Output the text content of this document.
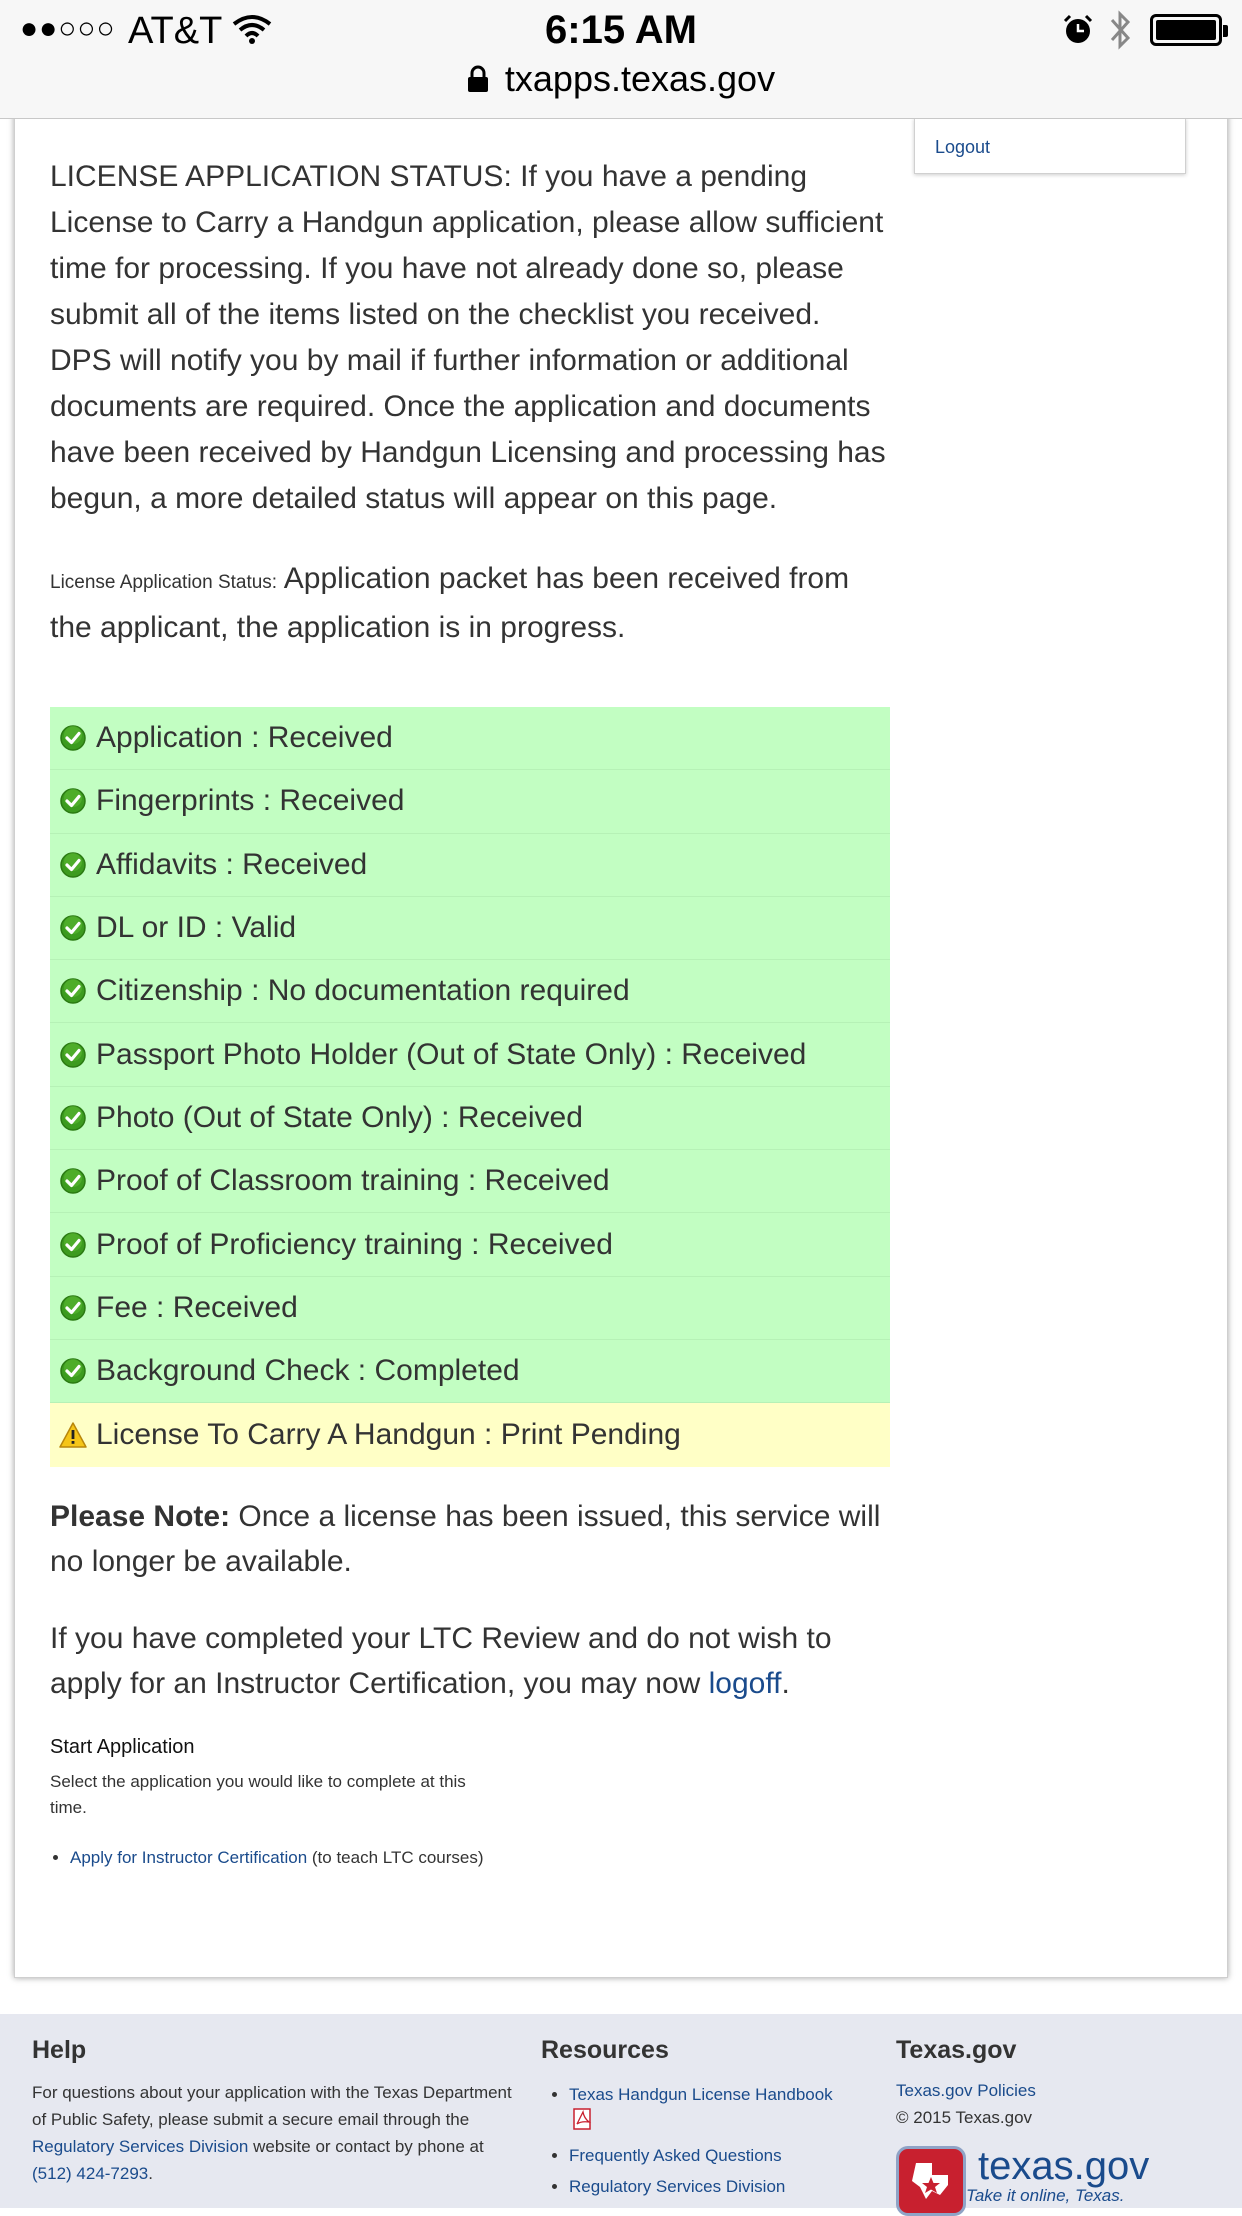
●●○○○ AT&T	6:15 AM
txapps.texas.gov
Logout

LICENSE APPLICATION STATUS: If you have a pending License to Carry a Handgun application, please allow sufficient time for processing. If you have not already done so, please submit all of the items listed on the checklist you received. DPS will notify you by mail if further information or additional documents are required. Once the application and documents have been received by Handgun Licensing and processing has begun, a more detailed status will appear on this page.

License Application Status: Application packet has been received from the applicant, the application is in progress.
Application : Received
Fingerprints : Received
Affidavits : Received
DL or ID : Valid
Citizenship : No documentation required
Passport Photo Holder (Out of State Only) : Received
Photo (Out of State Only) : Received
Proof of Classroom training : Received
Proof of Proficiency training : Received
Fee : Received
Background Check : Completed
License To Carry A Handgun : Print Pending
Please Note: Once a license has been issued, this service will no longer be available.
If you have completed your LTC Review and do not wish to apply for an Instructor Certification, you may now logoff.
Start Application

Select the application you would like to complete at this time.

• Apply for Instructor Certification (to teach LTC courses)
Help

For questions about your application with the Texas Department of Public Safety, please submit a secure email through the Regulatory Services Division website or contact by phone at (512) 424-7293.

Resources
• Texas Handgun License Handbook
• Frequently Asked Questions
• Regulatory Services Division
Texas.gov

Texas.gov Policies
© 2015 Texas.gov

texas.gov
Take it online, Texas.
